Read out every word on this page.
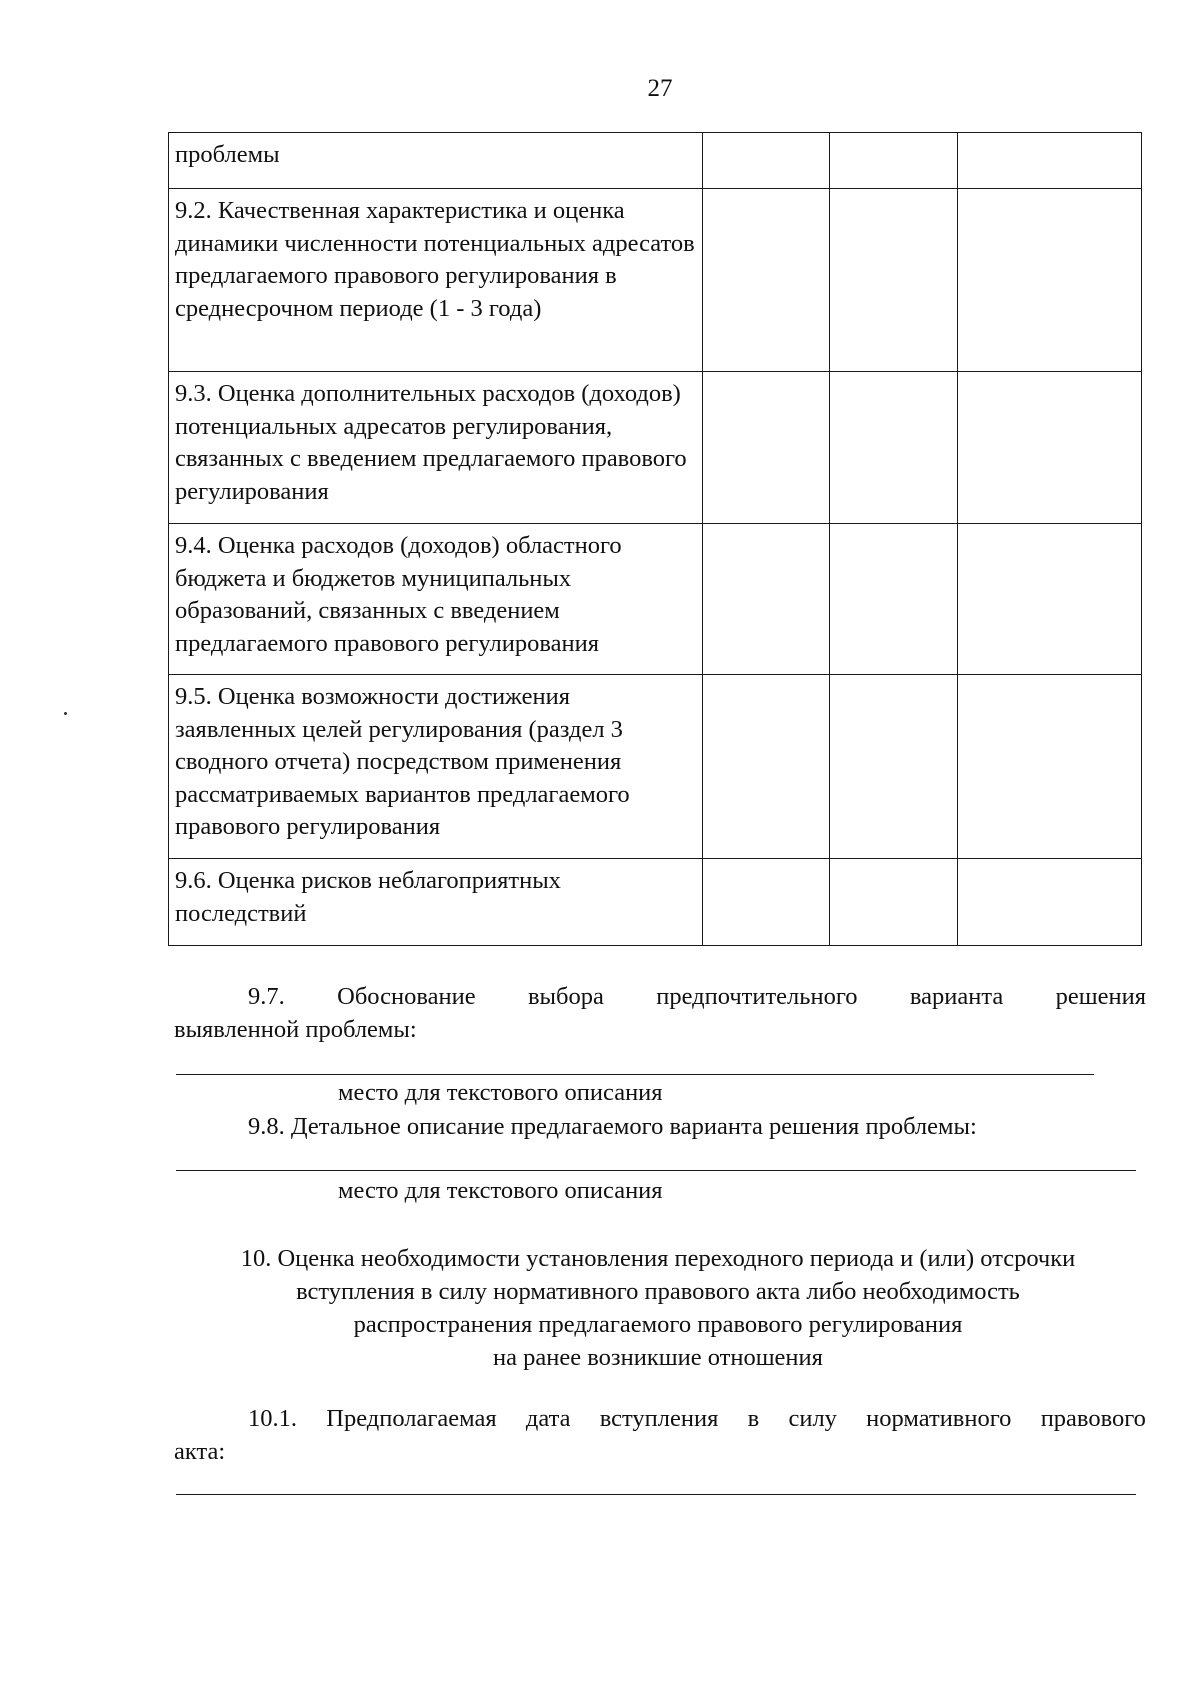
27
проблемы			
9.2. Качественная характеристика и оценка динамики численности потенциальных адресатов предлагаемого правового регулирования в среднесрочном периоде (1 - 3 года)			
9.3. Оценка дополнительных расходов (доходов) потенциальных адресатов регулирования, связанных с введением предлагаемого правового регулирования			
9.4. Оценка расходов (доходов) областного бюджета и бюджетов муниципальных образований, связанных с введением предлагаемого правового регулирования			
9.5. Оценка возможности достижения заявленных целей регулирования (раздел 3 сводного отчета) посредством применения рассматриваемых вариантов предлагаемого правового регулирования			
9.6. Оценка рисков неблагоприятных последствий			
9.7. Обоснование выбора предпочтительного варианта решения
выявленной проблемы:
место для текстового описания
9.8. Детальное описание предлагаемого варианта решения проблемы:
место для текстового описания
10. Оценка необходимости установления переходного периода и (или) отсрочки
вступления в силу нормативного правового акта либо необходимость
распространения предлагаемого правового регулирования
на ранее возникшие отношения
10.1. Предполагаемая дата вступления в силу нормативного правового
акта:
